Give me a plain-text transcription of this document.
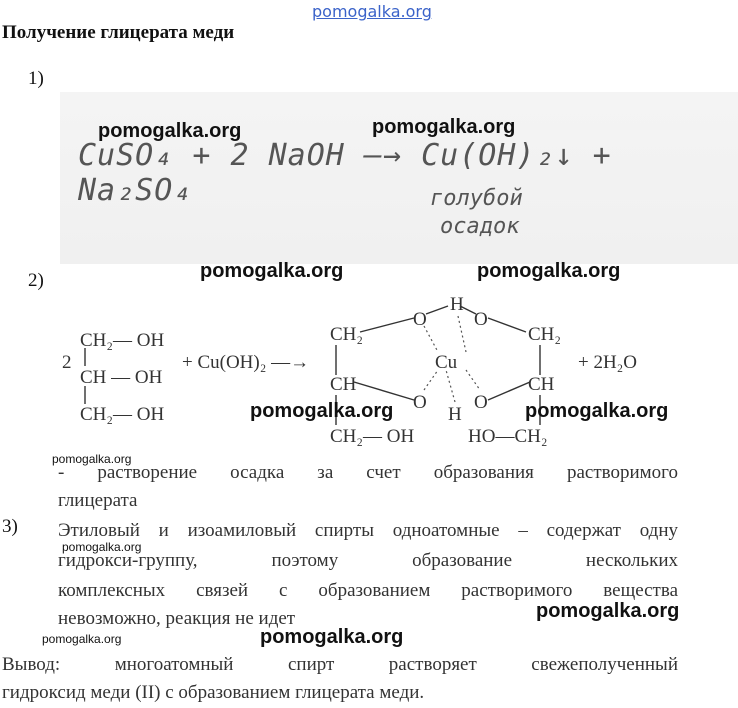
pomogalka.org
Получение глицерата меди
1)
CuSO₄ + 2 NaOH —→ Cu(OH)₂↓ + Na₂SO₄	голубой
осадок
pomogalka.org	pomogalka.org
2)	pomogalka.org	pomogalka.org
2
CH₂— OH
CH — OH
CH₂— OH
+ Cu(OH)₂ —→
CH₂
CH
CH₂— OH
CH₂
CH
HO—CH₂
H
O O
Cu
O O
H
+ 2H₂O
pomogalka.org	pomogalka.org
pomogalka.org
- растворение осадка за счет образования растворимого
глицерата
3) Этиловый и изоамиловый спирты одноатомные – содержат одну
pomogalka.org
гидрокси-группу, поэтому образование нескольких
комплексных связей с образованием растворимого вещества
невозможно, реакция не идет	pomogalka.org
pomogalka.org	pomogalka.org
Вывод: многоатомный спирт растворяет свежеполученный
гидроксид меди (II) с образованием глицерата меди.
